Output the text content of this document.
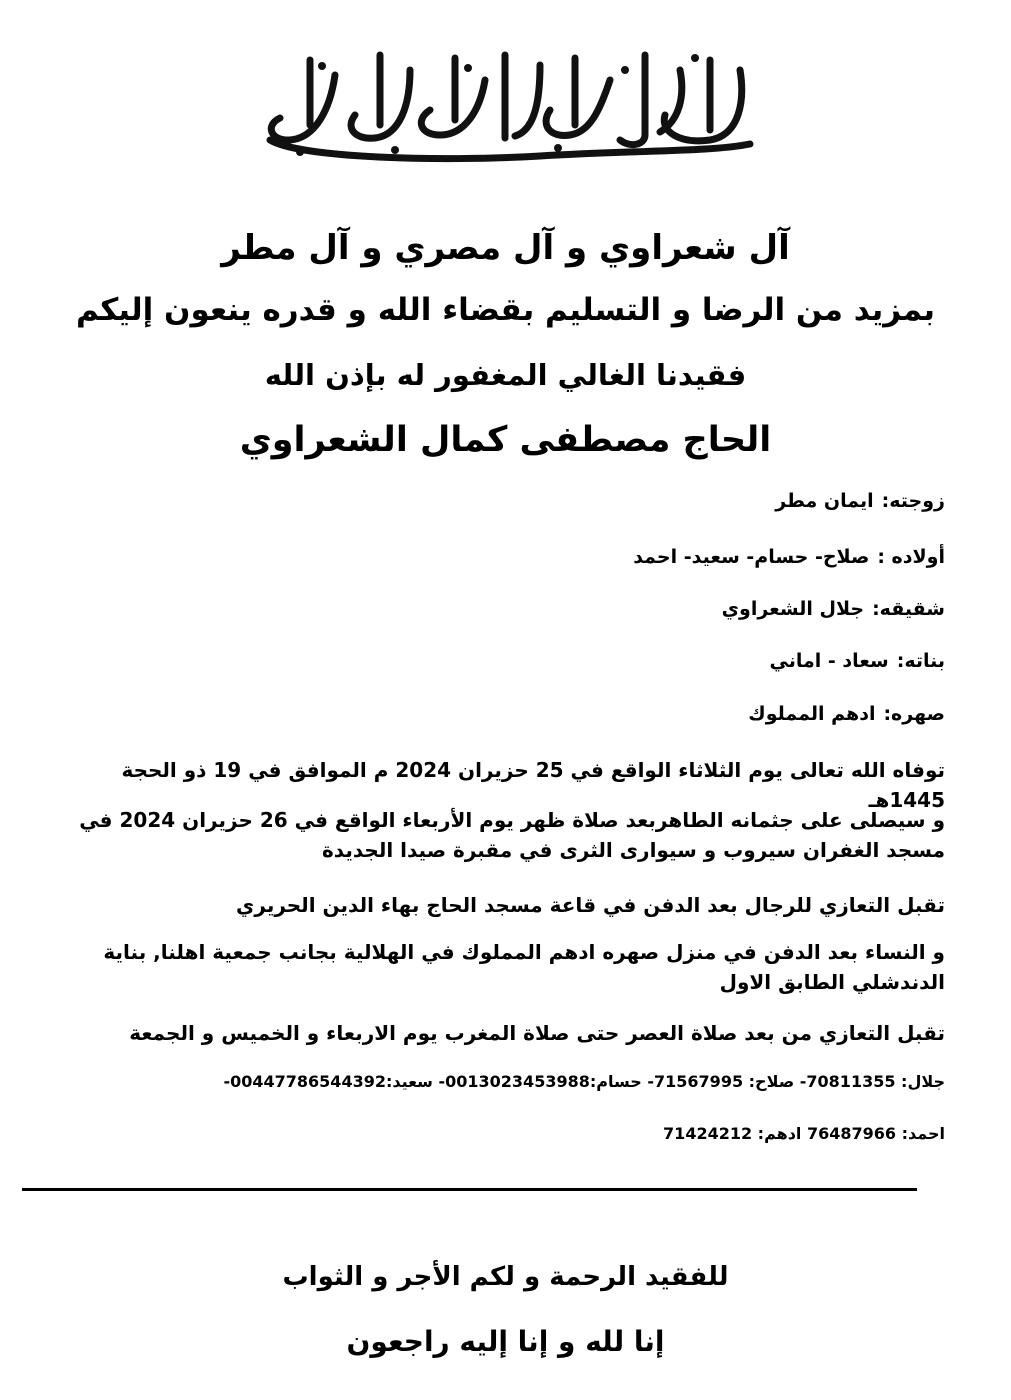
آل شعراوي و آل مصري و آل مطر
بمزيد من الرضا و التسليم بقضاء الله و قدره ينعون إليكم
فقيدنا الغالي المغفور له بإذن الله
الحاج مصطفى كمال الشعراوي
زوجته:ايمان مطر
أولاده :صلاح- حسام- سعيد- احمد
شقيقه:جلال الشعراوي
بناته:سعاد - اماني
صهره:ادهم المملوك
توفاه الله تعالى يوم الثلاثاء الواقع في 25 حزيران 2024 م الموافق في 19 ذو الحجة 1445هـ
و سيصلى على جثمانه الطاهربعد صلاة ظهر يوم الأربعاء الواقع في 26 حزيران 2024 في مسجد الغفران سيروب و سيوارى الثرى في مقبرة صيدا الجديدة
تقبل التعازي للرجال بعد الدفن في قاعة مسجد الحاج بهاء الدين الحريري
و النساء بعد الدفن في منزل صهره ادهم المملوك في الهلالية بجانب جمعية اهلنا, بناية الدندشلي الطابق الاول
تقبل التعازي من بعد صلاة العصر حتى صلاة المغرب يوم الاربعاء و الخميس و الجمعة
جلال: 70811355- صلاح: 71567995- حسام:0013023453988- سعيد:00447786544392-
احمد: 76487966 ادهم: 71424212
للفقيد الرحمة و لكم الأجر و الثواب
إنا لله و إنا إليه راجعون
